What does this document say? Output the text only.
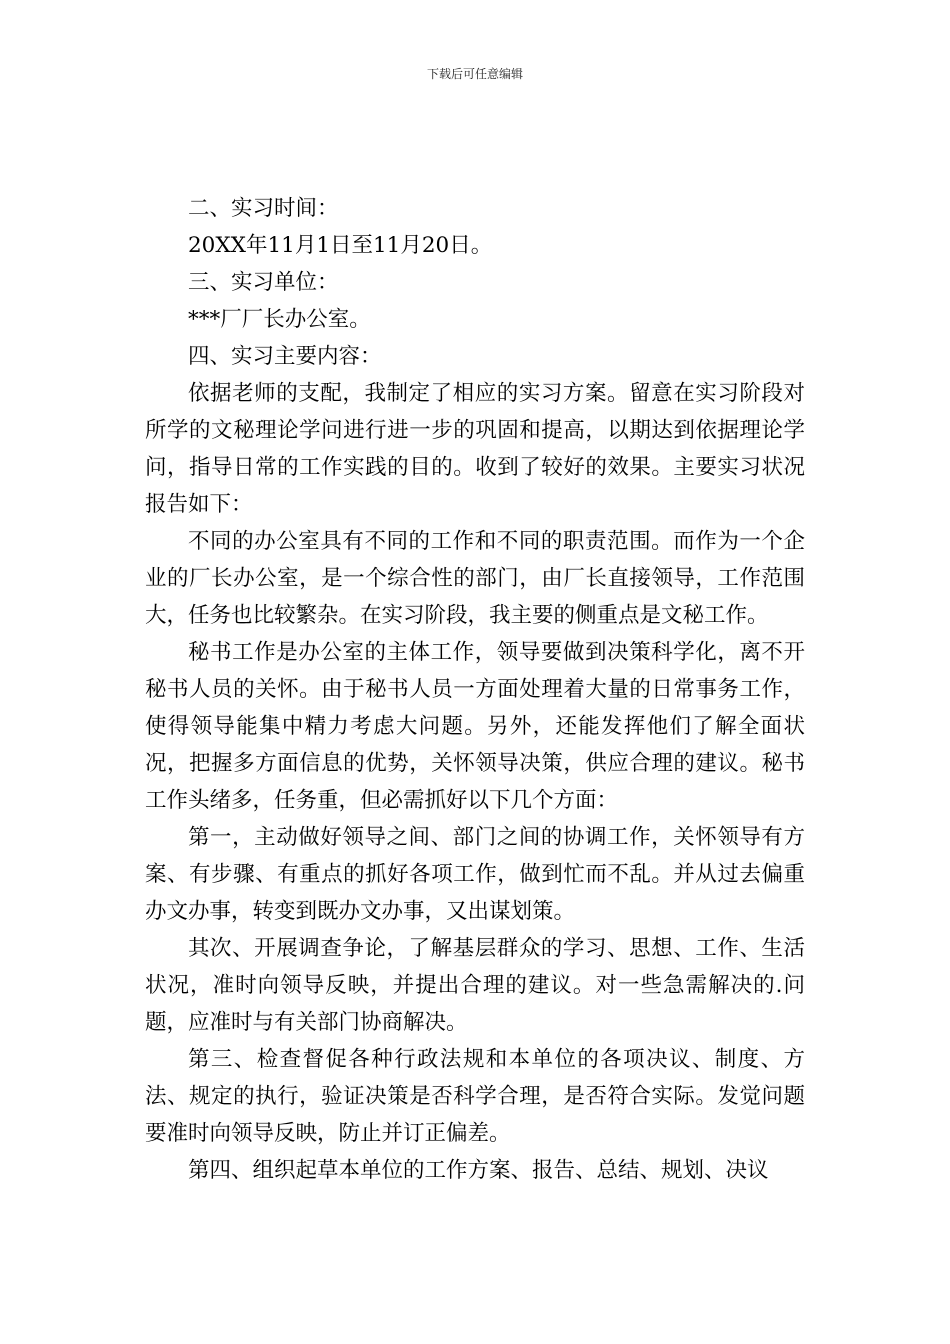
下载后可任意编辑

二、实习时间：

20XX年11月1日至11月20日。

三、实习单位：

***厂厂长办公室。

四、实习主要内容：

依据老师的支配，我制定了相应的实习方案。留意在实习阶段对所学的文秘理论学问进行进一步的巩固和提高，以期达到依据理论学问，指导日常的工作实践的目的。收到了较好的效果。主要实习状况报告如下：

不同的办公室具有不同的工作和不同的职责范围。而作为一个企业的厂长办公室，是一个综合性的部门，由厂长直接领导，工作范围大，任务也比较繁杂。在实习阶段，我主要的侧重点是文秘工作。

秘书工作是办公室的主体工作，领导要做到决策科学化，离不开秘书人员的关怀。由于秘书人员一方面处理着大量的日常事务工作，使得领导能集中精力考虑大问题。另外，还能发挥他们了解全面状况，把握多方面信息的优势，关怀领导决策，供应合理的建议。秘书工作头绪多，任务重，但必需抓好以下几个方面：

第一，主动做好领导之间、部门之间的协调工作，关怀领导有方案、有步骤、有重点的抓好各项工作，做到忙而不乱。并从过去偏重办文办事，转变到既办文办事，又出谋划策。

其次、开展调查争论，了解基层群众的学习、思想、工作、生活状况，准时向领导反映，并提出合理的建议。对一些急需解决的.问题，应准时与有关部门协商解决。

第三、检查督促各种行政法规和本单位的各项决议、制度、方法、规定的执行，验证决策是否科学合理，是否符合实际。发觉问题要准时向领导反映，防止并订正偏差。

第四、组织起草本单位的工作方案、报告、总结、规划、决议
